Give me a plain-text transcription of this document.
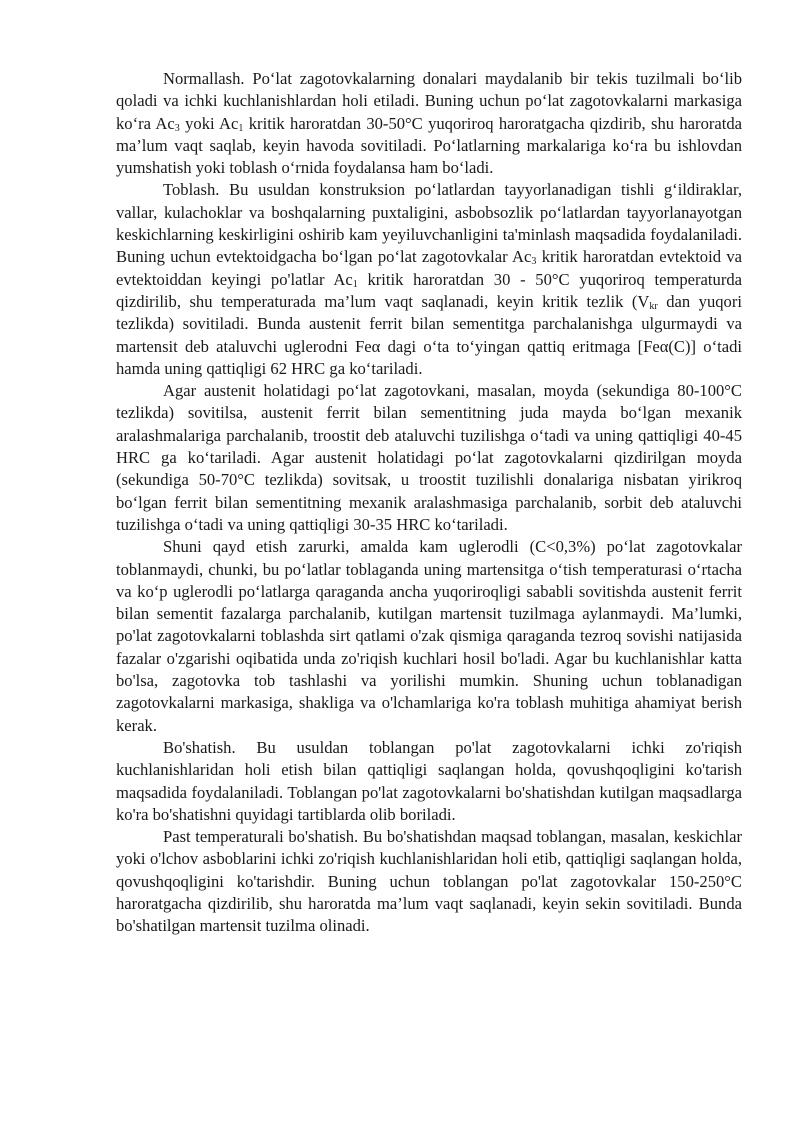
Normallash. Po‘lat zagotovkalarning donalari maydalanib bir tekis tuzilmali bo‘lib qoladi va ichki kuchlanishlardan holi etiladi. Buning uchun po‘lat zagotovkalarni markasiga ko‘ra $Ac_3$ yoki $Ac_1$ kritik haroratdan 30-50°C yuqoriroq haroratgacha qizdirib, shu haroratda ma’lum vaqt saqlab, keyin havoda sovitiladi. Po‘latlarning markalariga ko‘ra bu ishlovdan yumshatish yoki toblash o‘rnida foydalansa ham bo‘ladi.

Toblash. Bu usuldan konstruksion po‘latlardan tayyorlanadigan tishli g‘ildiraklar, vallar, kulachoklar va boshqalarning puxtaligini, asbobsozlik po‘latlardan tayyorlanayotgan keskichlarning keskirligini oshirib kam yeyiluvchanligini ta'minlash maqsadida foydalaniladi. Buning uchun evtektoidgacha bo‘lgan po‘lat zagotovkalar $Ac_3$ kritik haroratdan evtektoid va evtektoiddan keyingi po'latlar $Ac_1$ kritik haroratdan 30 - 50°C yuqoriroq temperaturda qizdirilib, shu temperaturada ma’lum vaqt saqlanadi, keyin kritik tezlik ($V_{kr}$ dan yuqori tezlikda) sovitiladi. Bunda austenit ferrit bilan sementitga parchalanishga ulgurmaydi va martensit deb ataluvchi uglerodni Feα dagi o‘ta to‘yingan qattiq eritmaga [Feα(C)] o‘tadi hamda uning qattiqligi 62 HRC ga ko‘tariladi.

Agar austenit holatidagi po‘lat zagotovkani, masalan, moyda (sekundiga 80-100°C tezlikda) sovitilsa, austenit ferrit bilan sementitning juda mayda bo‘lgan mexanik aralashmalariga parchalanib, troostit deb ataluvchi tuzilishga o‘tadi va uning qattiqligi 40-45 HRC ga ko‘tariladi. Agar austenit holatidagi po‘lat zagotovkalarni qizdirilgan moyda (sekundiga 50-70°C tezlikda) sovitsak, u troostit tuzilishli donalariga nisbatan yirikroq bo‘lgan ferrit bilan sementitning mexanik aralashmasiga parchalanib, sorbit deb ataluvchi tuzilishga o‘tadi va uning qattiqligi 30-35 HRC ko‘tariladi.

Shuni qayd etish zarurki, amalda kam uglerodli (C<0,3%) po‘lat zagotovkalar toblanmaydi, chunki, bu po‘latlar toblaganda uning martensitga o‘tish temperaturasi o‘rtacha va ko‘p uglerodli po‘latlarga qaraganda ancha yuqoriroqligi sababli sovitishda austenit ferrit bilan sementit fazalarga parchalanib, kutilgan martensit tuzilmaga aylanmaydi. Ma’lumki, po'lat zagotovkalarni toblashda sirt qatlami o'zak qismiga qaraganda tezroq sovishi natijasida fazalar o'zgarishi oqibatida unda zo'riqish kuchlari hosil bo'ladi. Agar bu kuchlanishlar katta bo'lsa, zagotovka tob tashlashi va yorilishi mumkin. Shuning uchun toblanadigan zagotovkalarni markasiga, shakliga va o'lchamlariga ko'ra toblash muhitiga ahamiyat berish kerak.

Bo'shatish. Bu usuldan toblangan po'lat zagotovkalarni ichki zo'riqish kuchlanishlaridan holi etish bilan qattiqligi saqlangan holda, qovushqoqligini ko'tarish maqsadida foydalaniladi. Toblangan po'lat zagotovkalarni bo'shatishdan kutilgan maqsadlarga ko'ra bo'shatishni quyidagi tartiblarda olib boriladi.

Past temperaturali bo'shatish. Bu bo'shatishdan maqsad toblangan, masalan, keskichlar yoki o'lchov asboblarini ichki zo'riqish kuchlanishlaridan holi etib, qattiqligi saqlangan holda, qovushqoqligini ko'tarishdir. Buning uchun toblangan po'lat zagotovkalar 150-250°C haroratgacha qizdirilib, shu haroratda ma’lum vaqt saqlanadi, keyin sekin sovitiladi. Bunda bo'shatilgan martensit tuzilma olinadi.
